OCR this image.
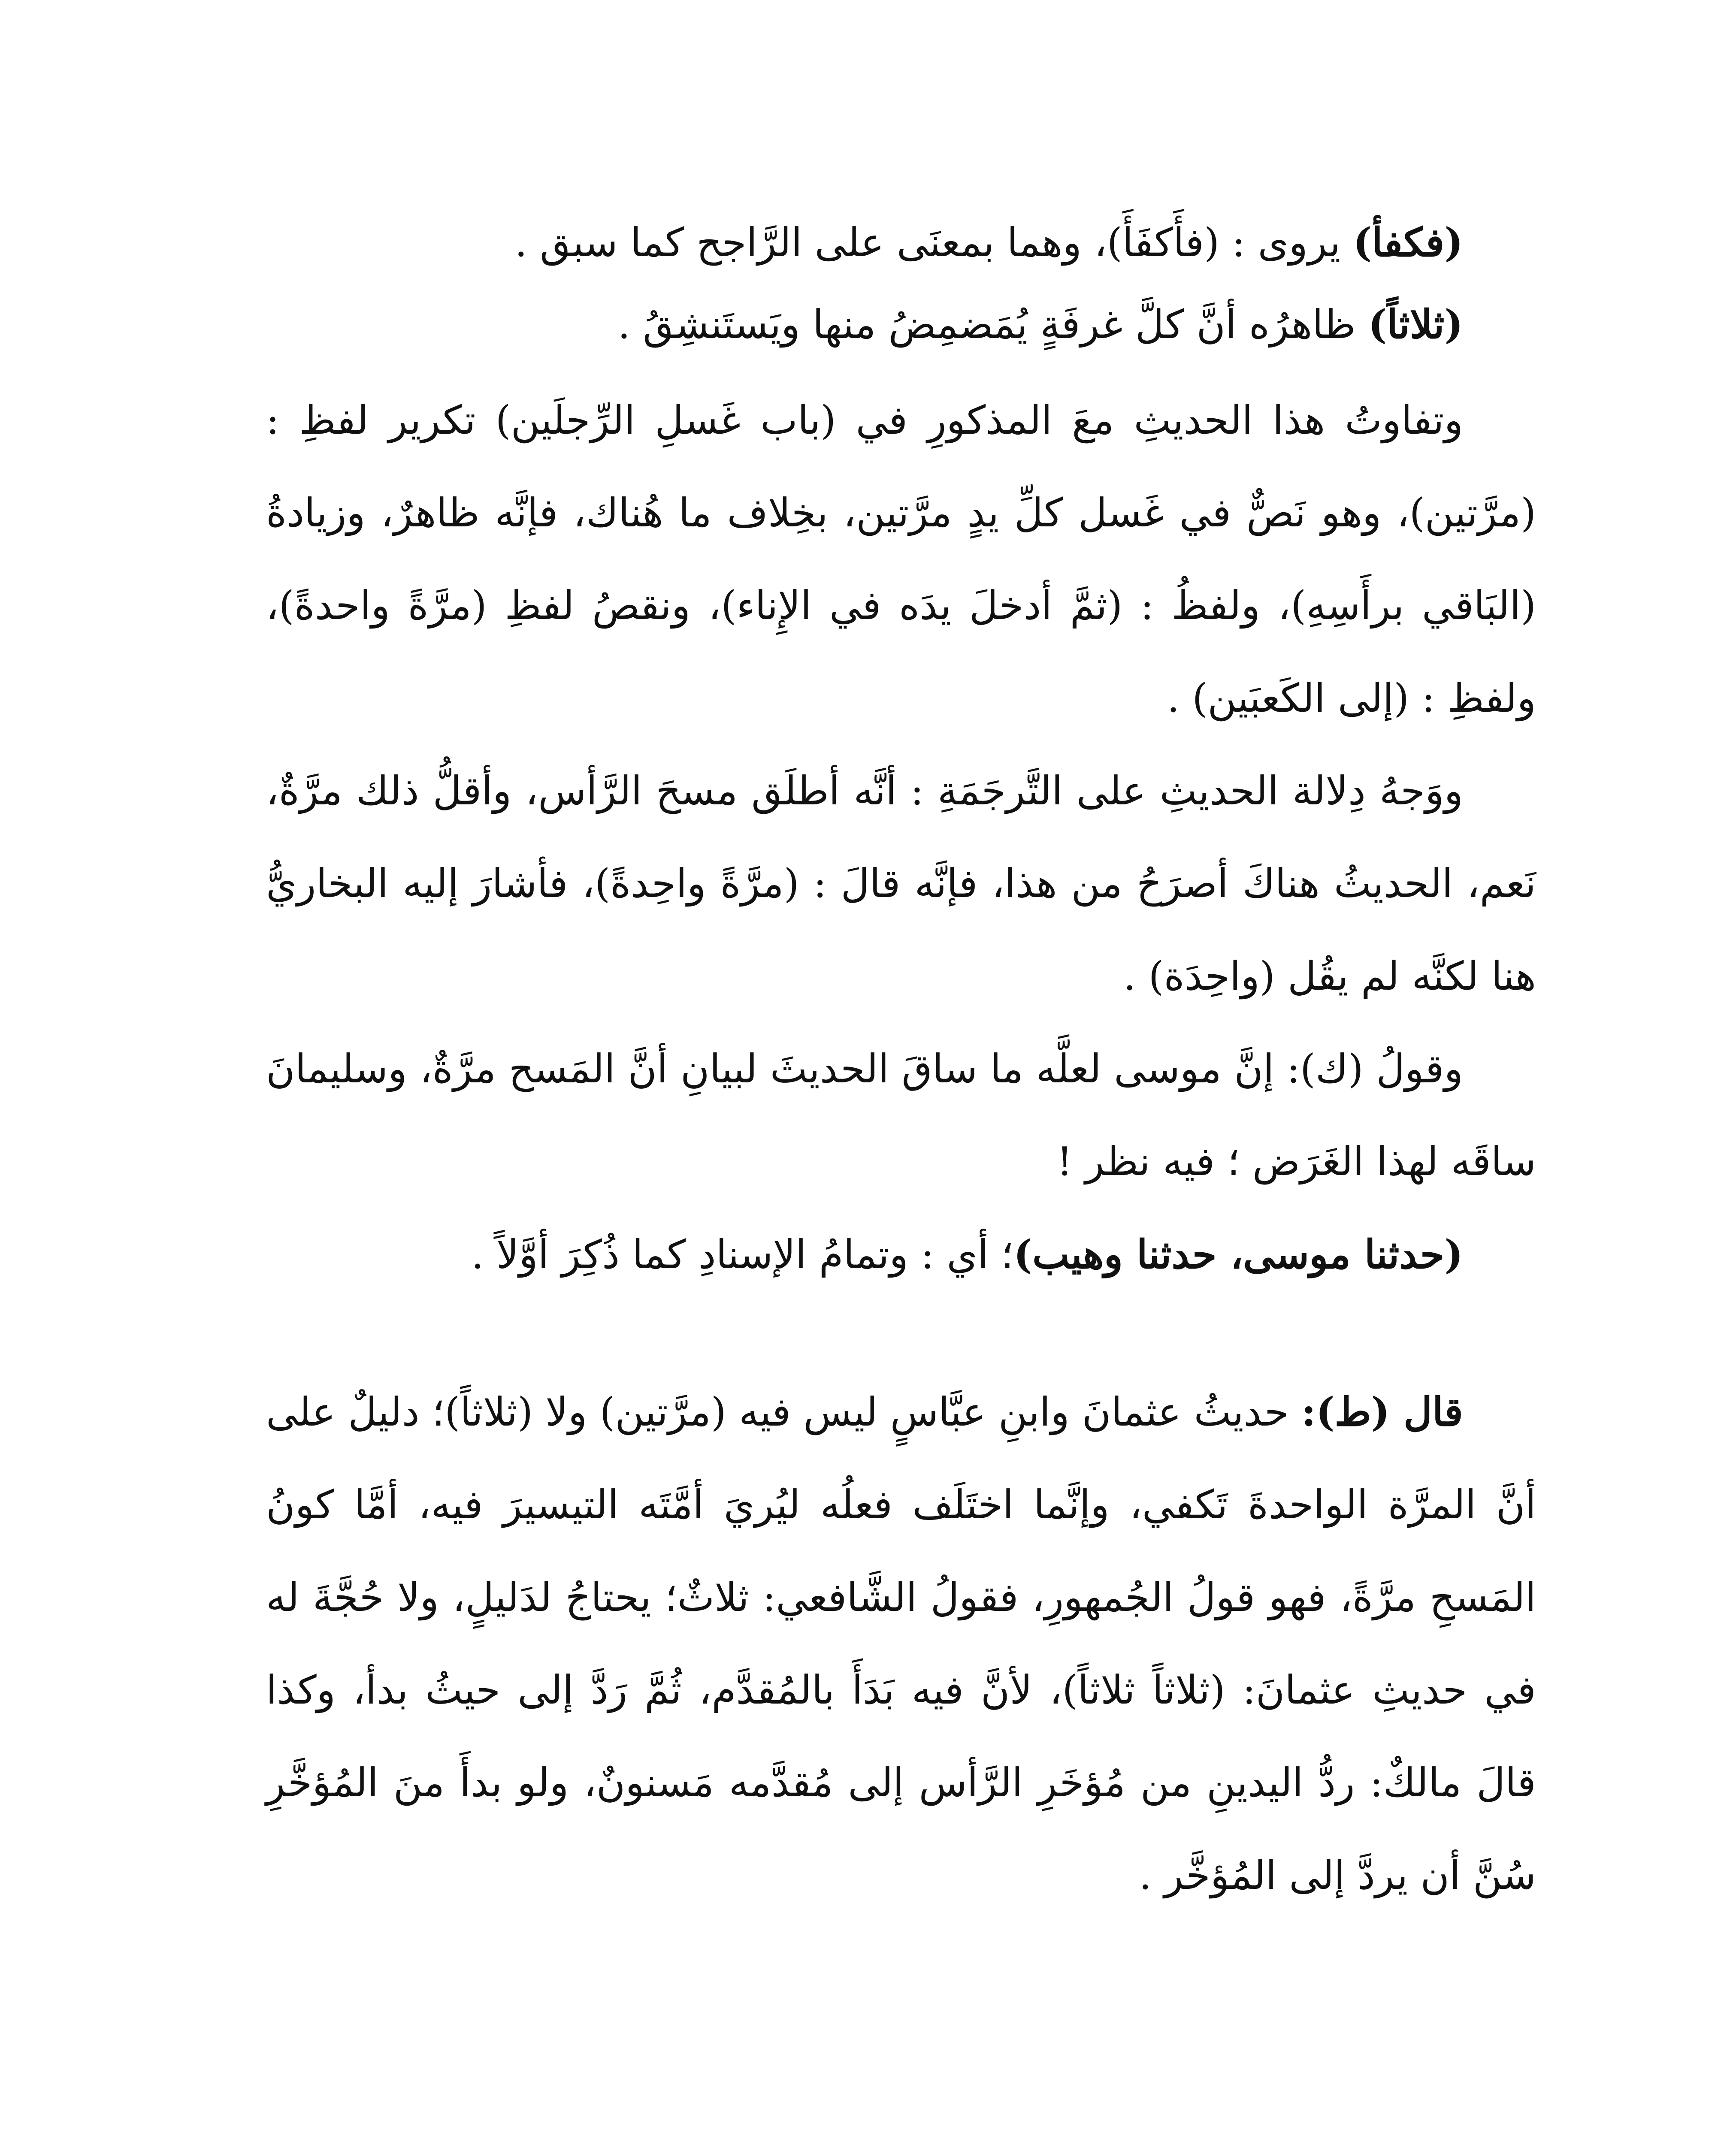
(فكفأ) يروى : (فأَكفَأَ)، وهما بمعنَى على الرَّاجح كما سبق .

(ثلاثاً) ظاهرُه أنَّ كلَّ غرفَةٍ يُمَضمِضُ منها ويَستَنشِقُ .

وتفاوتُ هذا الحديثِ معَ المذكورِ في (باب غَسلِ الرِّجلَين) تكرير لفظِ : (مرَّتين)، وهو نَصٌّ في غَسل كلِّ يدٍ مرَّتين، بخِلاف ما هُناك، فإنَّه ظاهرٌ، وزيادةُ (البَاقي برأَسِهِ)، ولفظُ : (ثمَّ أدخلَ يدَه في الإِناء)، ونقصُ لفظِ (مرَّةً واحدةً)، ولفظِ : (إلى الكَعبَين) .

ووَجهُ دِلالة الحديثِ على التَّرجَمَةِ : أنَّه أطلَق مسحَ الرَّأس، وأقلُّ ذلك مرَّةٌ، نَعم، الحديثُ هناكَ أصرَحُ من هذا، فإنَّه قالَ : (مرَّةً واحِدةً)، فأشارَ إليه البخاريُّ هنا لكنَّه لم يقُل (واحِدَة) .

وقولُ (ك): إنَّ موسى لعلَّه ما ساقَ الحديثَ لبيانِ أنَّ المَسح مرَّةٌ، وسليمانَ ساقَه لهذا الغَرَض ؛ فيه نظر !

(حدثنا موسى، حدثنا وهيب)؛ أي : وتمامُ الإسنادِ كما ذُكِرَ أوَّلاً .

قال (ط): حديثُ عثمانَ وابنِ عبَّاسٍ ليس فيه (مرَّتين) ولا (ثلاثاً)؛ دليلٌ على أنَّ المرَّة الواحدةَ تَكفي، وإنَّما اختَلَف فعلُه ليُريَ أمَّتَه التيسيرَ فيه، أمَّا كونُ المَسحِ مرَّةً، فهو قولُ الجُمهورِ، فقولُ الشَّافعي: ثلاثٌ؛ يحتاجُ لدَليلٍ، ولا حُجَّةَ له في حديثِ عثمانَ: (ثلاثاً ثلاثاً)، لأنَّ فيه بَدَأَ بالمُقدَّم، ثُمَّ رَدَّ إلى حيثُ بدأ، وكذا قالَ مالكٌ: ردُّ اليدينِ من مُؤخَرِ الرَّأس إلى مُقدَّمه مَسنونٌ، ولو بدأَ منَ المُؤخَّرِ سُنَّ أن يردَّ إلى المُؤخَّر .
